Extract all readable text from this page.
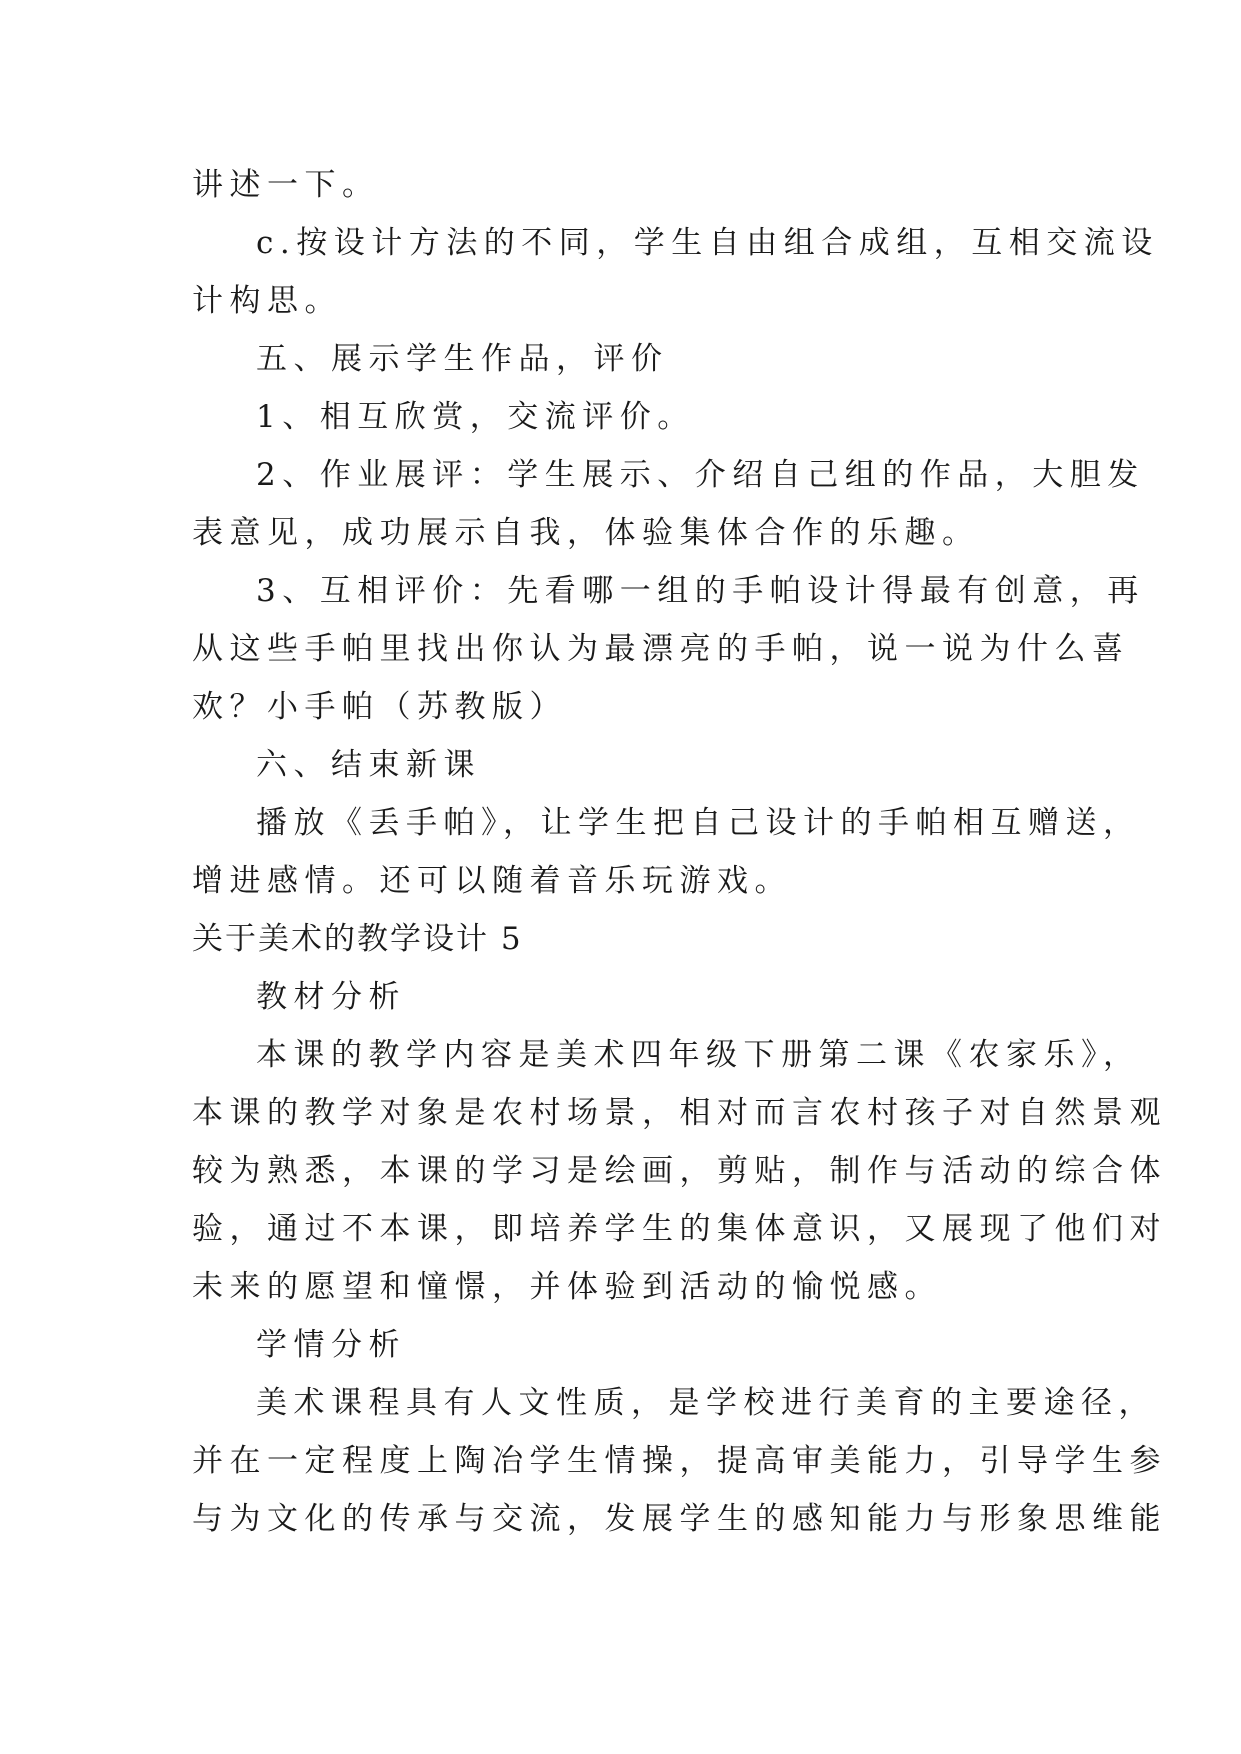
讲述一下。
c.按设计方法的不同，学生自由组合成组，互相交流设
计构思。
五、展示学生作品，评价
1、相互欣赏，交流评价。
2、作业展评：学生展示、介绍自己组的作品，大胆发
表意见，成功展示自我，体验集体合作的乐趣。
3、互相评价：先看哪一组的手帕设计得最有创意，再
从这些手帕里找出你认为最漂亮的手帕，说一说为什么喜
欢？小手帕（苏教版）
六、结束新课
播放《丢手帕》，让学生把自己设计的手帕相互赠送，
增进感情。还可以随着音乐玩游戏。
关于美术的教学设计 5
教材分析
本课的教学内容是美术四年级下册第二课《农家乐》，
本课的教学对象是农村场景，相对而言农村孩子对自然景观
较为熟悉，本课的学习是绘画，剪贴，制作与活动的综合体
验，通过不本课，即培养学生的集体意识，又展现了他们对
未来的愿望和憧憬，并体验到活动的愉悦感。
学情分析
美术课程具有人文性质，是学校进行美育的主要途径，
并在一定程度上陶冶学生情操，提高审美能力，引导学生参
与为文化的传承与交流，发展学生的感知能力与形象思维能
